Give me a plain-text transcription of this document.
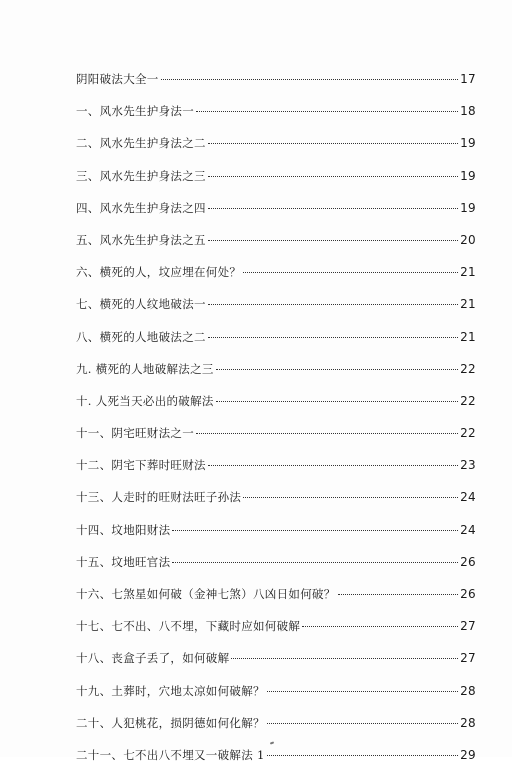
阴阳破法大全一	17
一、风水先生护身法一	18
二、风水先生护身法之二	19
三、风水先生护身法之三	19
四、风水先生护身法之四	19
五、风水先生护身法之五	20
六、横死的人，坟应埋在何处？	21
七、横死的人纹地破法一	21
八、横死的人地破法之二	21
九. 横死的人地破解法之三	22
十. 人死当天必出的破解法	22
十一、阴宅旺财法之一	22
十二、阴宅下葬时旺财法	23
十三、人走时的旺财法旺子孙法	24
十四、坟地阳财法	24
十五、坟地旺官法	26
十六、七煞星如何破（金神七煞）八凶日如何破？	26
十七、七不出、八不埋，下藏时应如何破解	27
十八、丧盒子丢了，如何破解	27
十九、土葬时，穴地太凉如何破解？	28
二十、人犯桃花，损阴德如何化解？	28
二十一、七不出八不埋又一破解法 1	29
